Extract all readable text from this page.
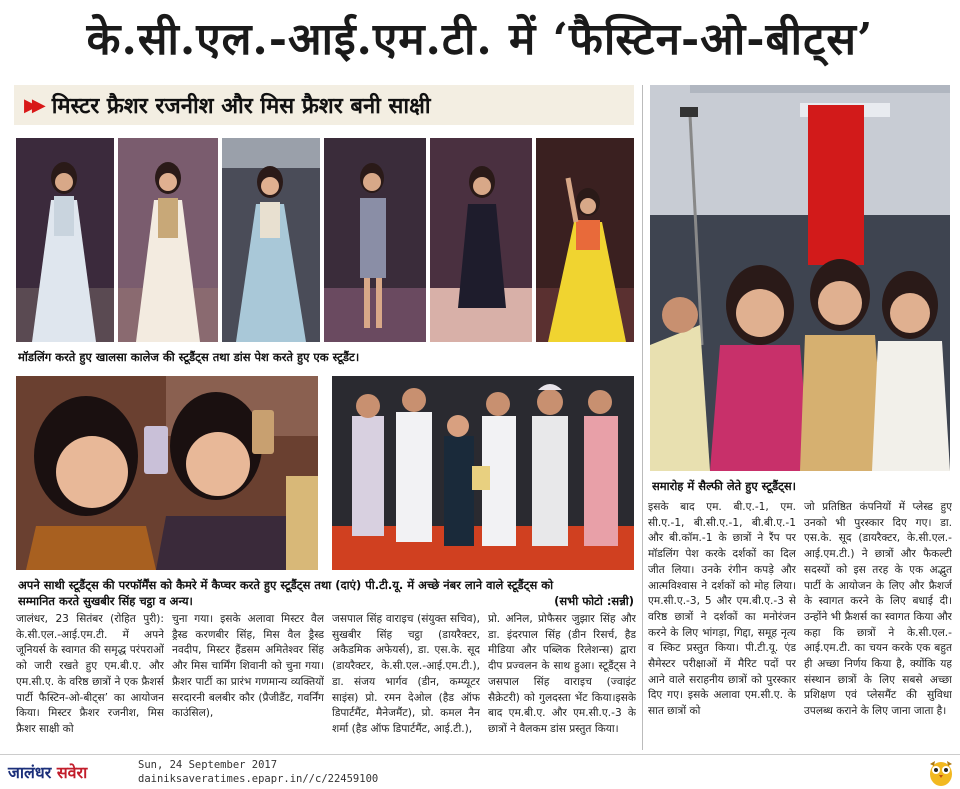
के.सी.एल.-आई.एम.टी. में ‘फैस्टिन-ओ-बीट्स’
▶▶ मिस्टर फ्रैशर रजनीश और मिस फ्रैशर बनी साक्षी
मॉडलिंग करते हुए खालसा कालेज की स्टूडैंट्स तथा डांस पेश करते हुए एक स्टूडैंट।
समारोह में सैल्फी लेते हुए स्टूडैंट्स।
अपने साथी स्टूडैंट्स की परफॉर्मैंस को कैमरे में कैप्चर करते हुए स्टूडैंट्स तथा (दाएं) पी.टी.यू. में अच्छे नंबर लाने वाले स्टूडैंट्स को
सम्मानित करते सुखबीर सिंह चट्ठा व अन्य।	(सभी फोटो :सन्नी)
जालंधर, 23 सितंबर (रोहित पुरी): के.सी.एल.-आई.एम.टी. में अपने जूनियर्स के स्वागत की समृद्ध परंपराओं को जारी रखते हुए एम.बी.ए. और एम.सी.ए. के वरिष्ठ छात्रों ने एक फ्रैशर्स पार्टी फैस्टिन-ओ-बीट्स’ का आयोजन किया। मिस्टर फ्रैशर रजनीश, मिस फ्रैशर साक्षी को
चुना गया। इसके अलावा मिस्टर वैल ड्रैस्ड करणबीर सिंह, मिस वैल ड्रैस्ड नवदीप, मिस्टर हैंडसम अमितेश्वर सिंह और मिस चार्मिंग शिवानी को चुना गया। फ्रैशर पार्टी का प्रारंभ गणमान्य व्यक्तियों सरदारनी बलबीर कौर (प्रैजीडैंट, गवर्निंग काउंसिल),
जसपाल सिंह वाराइच (संयुक्त सचिव), सुखबीर सिंह चट्ठा (डायरैक्टर, अकैडमिक अफेयर्स), डा. एस.के. सूद (डायरैक्टर, के.सी.एल.-आई.एम.टी.), डा. संजय भार्गव (डीन, कम्प्यूटर साइंस) प्रो. रमन देओल (हैड ऑफ डिपार्टमैंट, मैनेजमैंट), प्रो. कमल नैन शर्मा (हैड ऑफ डिपार्टमैंट, आई.टी.),
प्रो. अनिल, प्रोफैसर जुझार सिंह और डा. इंदरपाल सिंह (डीन रिसर्च, हैड मीडिया और पब्लिक रिलेशन्स) द्वारा दीप प्रज्वलन के साथ हुआ। स्टूडैंट्स ने जसपाल सिंह वाराइच (ज्वाइंट सैक्रेटरी) को गुलदस्ता भेंट किया।इसके बाद एम.बी.ए. और एम.सी.ए.-3 के छात्रों ने वैलकम डांस प्रस्तुत किया।
इसके बाद एम. बी.ए.-1, एम. सी.ए.-1, बी.सी.ए.-1, बी.बी.ए.-1 और बी.कॉम.-1 के छात्रों ने रैंप पर मॉडलिंग पेश करके दर्शकों का दिल जीत लिया। उनके रंगीन कपड़े और आत्मविश्वास ने दर्शकों को मोह लिया। एम.सी.ए.-3, 5 और एम.बी.ए.-3 से वरिष्ठ छात्रों ने दर्शकों का मनोरंजन करने के लिए भांगड़ा, गिद्दा, समूह नृत्य व स्किट प्रस्तुत किया। पी.टी.यू. एंड सैमेस्टर परीक्षाओं में मैरिट पदों पर आने वाले सराहनीय छात्रों को पुरस्कार दिए गए। इसके अलावा एम.सी.ए. के सात छात्रों को
जो प्रतिष्ठित कंपनियों में प्लेस्ड हुए उनको भी पुरस्कार दिए गए। डा. एस.के. सूद (डायरैक्टर, के.सी.एल.-आई.एम.टी.) ने छात्रों और फैकल्टी सदस्यों को इस तरह के एक अद्भुत पार्टी के आयोजन के लिए और फ्रैशर्ज के स्वागत करने के लिए बधाई दी। उन्होंने भी फ्रैशर्स का स्वागत किया और कहा कि छात्रों ने के.सी.एल.-आई.एम.टी. का चयन करके एक बहुत ही अच्छा निर्णय किया है, क्योंकि यह संस्थान छात्रों के लिए सबसे अच्छा प्रशिक्षण एवं प्लेसमैंट की सुविधा उपलब्ध कराने के लिए जाना जाता है।
जालंधर सवेरा	Sun, 24 September 2017
dainiksaveratimes.epapr.in//c/22459100
